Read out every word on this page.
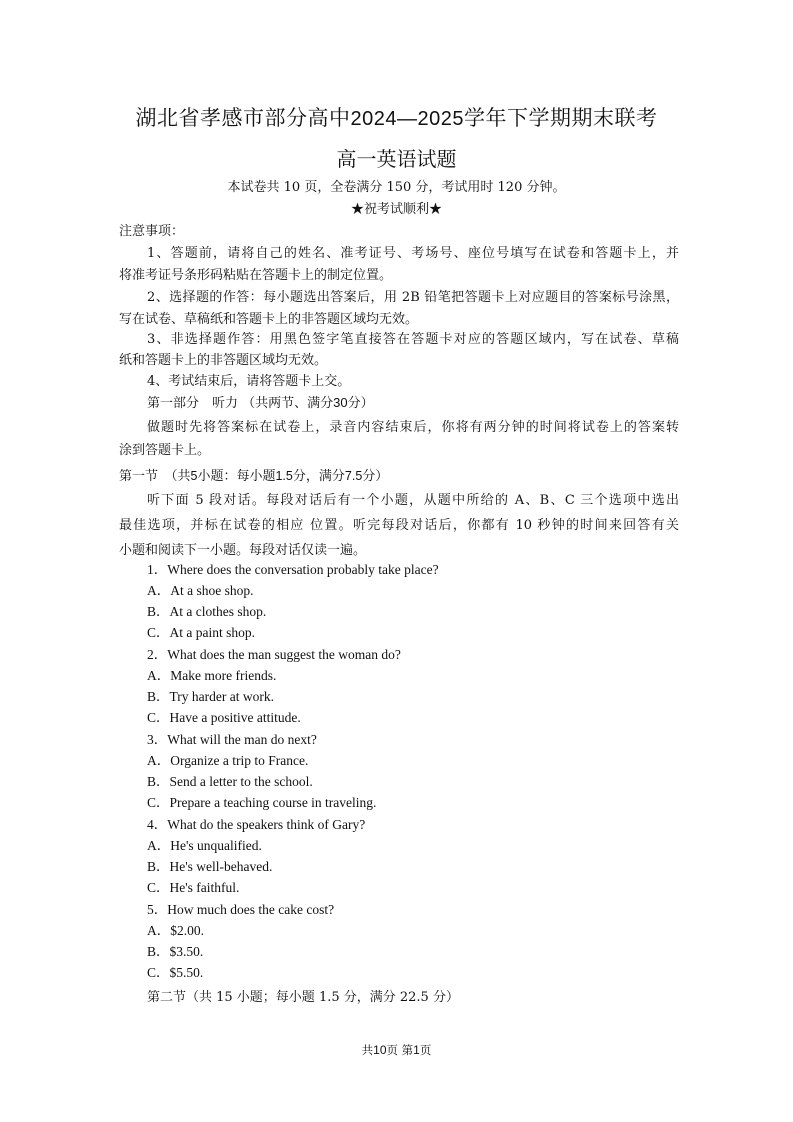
湖北省孝感市部分高中2024—2025学年下学期期末联考
高一英语试题
本试卷共 10 页，全卷满分 150 分，考试用时 120 分钟。
★祝考试顺利★
注意事项：
1、答题前，请将自己的姓名、准考证号、考场号、座位号填写在试卷和答题卡上，并
将准考证号条形码粘贴在答题卡上的制定位置。
2、选择题的作答：每小题选出答案后，用 2B 铅笔把答题卡上对应题目的答案标号涂黑，
写在试卷、草稿纸和答题卡上的非答题区域均无效。
3、非选择题作答：用黑色签字笔直接答在答题卡对应的答题区域内，写在试卷、草稿
纸和答题卡上的非答题区域均无效。
4、考试结束后，请将答题卡上交。
第一部分　听力 （共两节、满分30分）
做题时先将答案标在试卷上，录音内容结束后，你将有两分钟的时间将试卷上的答案转
涂到答题卡上。
第一节　（共5小题：每小题1.5分，满分7.5分）
听下面 5 段对话。每段对话后有一个小题，从题中所给的 A、B、C 三个选项中选出
最佳选项，并标在试卷的相应 位置。听完每段对话后，你都有 10 秒钟的时间来回答有关
小题和阅读下一小题。每段对话仅读一遍。
1．Where does the conversation probably take place?
A．At a shoe shop.
B．At a clothes shop.
C．At a paint shop.
2．What does the man suggest the woman do?
A．Make more friends.
B．Try harder at work.
C．Have a positive attitude.
3．What will the man do next?
A．Organize a trip to France.
B．Send a letter to the school.
C．Prepare a teaching course in traveling.
4．What do the speakers think of Gary?
A．He's unqualified.
B．He's well-behaved.
C．He's faithful.
5．How much does the cake cost?
A．$2.00.
B．$3.50.
C．$5.50.
第二节（共 15 小题；每小题 1.5 分，满分 22.5 分）
共10页 第1页
